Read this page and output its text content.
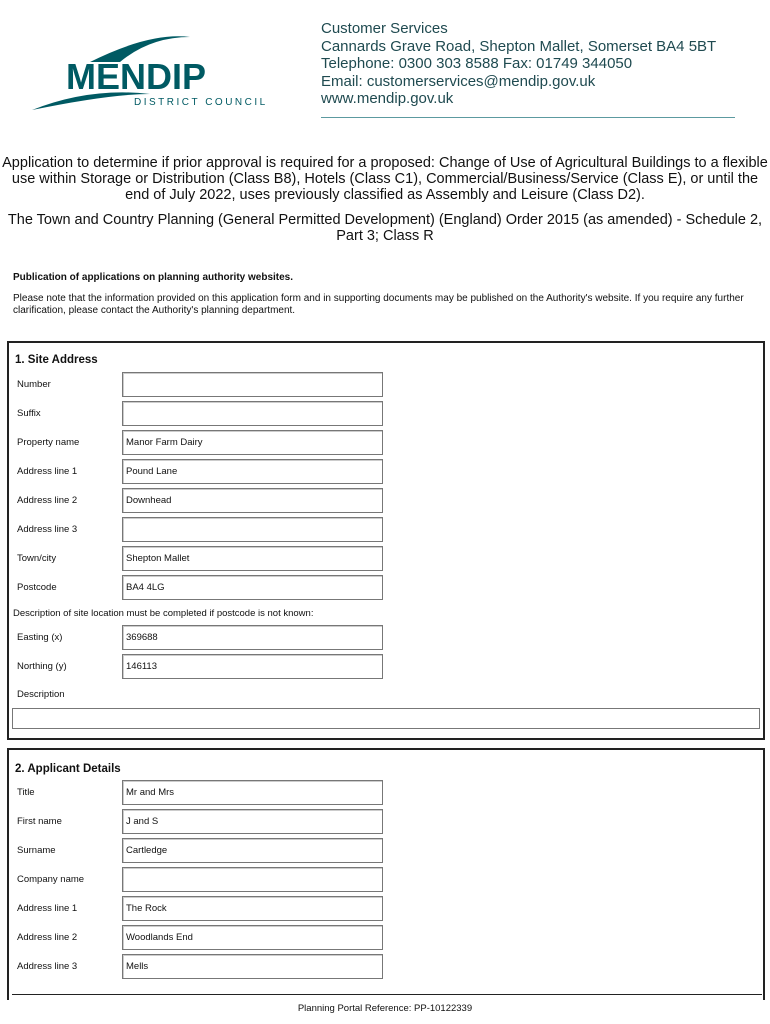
MENDIP
DISTRICT COUNCIL
Customer Services
Cannards Grave Road, Shepton Mallet, Somerset BA4 5BT
Telephone: 0300 303 8588 Fax: 01749 344050
Email: customerservices@mendip.gov.uk
www.mendip.gov.uk
Application to determine if prior approval is required for a proposed: Change of Use of Agricultural Buildings to a flexible use within Storage or Distribution (Class B8), Hotels (Class C1), Commercial/Business/Service (Class E), or until the end of July 2022, uses previously classified as Assembly and Leisure (Class D2).
The Town and Country Planning (General Permitted Development) (England) Order 2015 (as amended) - Schedule 2, Part 3; Class R
Publication of applications on planning authority websites.
Please note that the information provided on this application form and in supporting documents may be published on the Authority's website. If you require any further clarification, please contact the Authority's planning department.
1. Site Address
Number
Suffix
Property name	Manor Farm Dairy
Address line 1	Pound Lane
Address line 2	Downhead
Address line 3
Town/city	Shepton Mallet
Postcode	BA4 4LG
Description of site location must be completed if postcode is not known:
Easting (x)	369688
Northing (y)	146113
Description
2. Applicant Details
Title	Mr and Mrs
First name	J and S
Surname	Cartledge
Company name
Address line 1	The Rock
Address line 2	Woodlands End
Address line 3	Mells
Planning Portal Reference: PP-10122339
